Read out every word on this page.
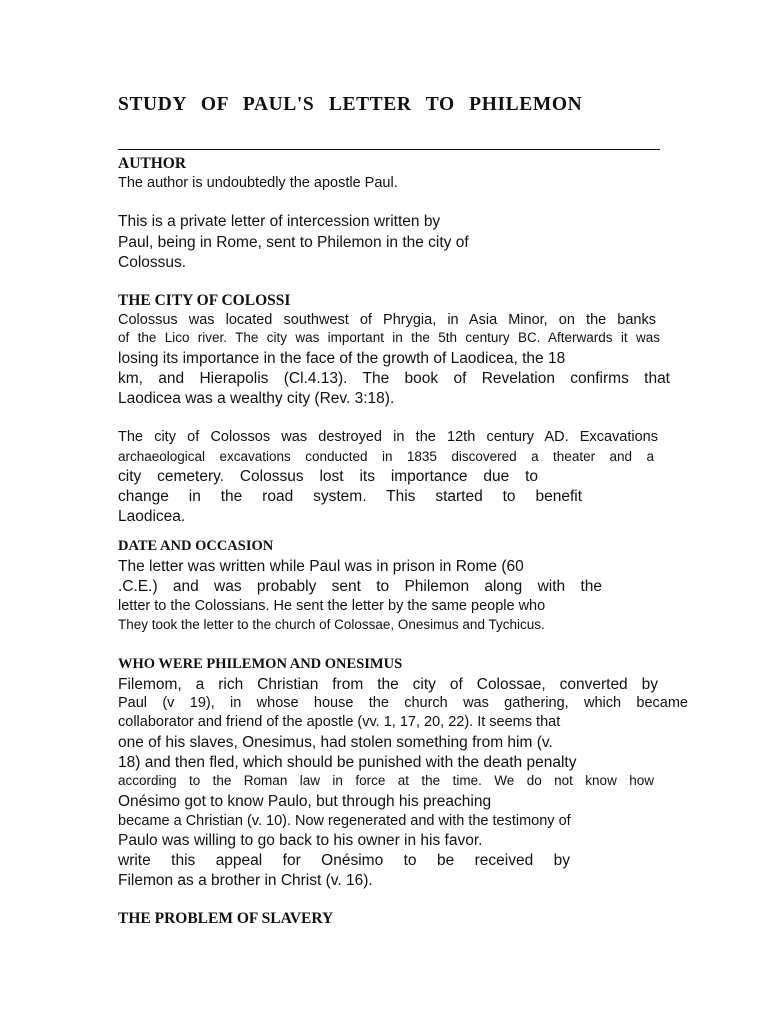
STUDY OF PAUL'S LETTER TO PHILEMON
AUTHOR
The author is undoubtedly the apostle Paul.
This is a private letter of intercession written by
Paul, being in Rome, sent to Philemon in the city of
Colossus.
THE CITY OF COLOSSI
Colossus was located southwest of Phrygia, in Asia Minor, on the banks
of the Lico river. The city was important in the 5th century BC. Afterwards it was
losing its importance in the face of the growth of Laodicea, the 18
km, and Hierapolis (Cl.4.13). The book of Revelation confirms that
Laodicea was a wealthy city (Rev. 3:18).
The city of Colossos was destroyed in the 12th century AD. Excavations
archaeological excavations conducted in 1835 discovered a theater and a
city cemetery. Colossus lost its importance due to
change in the road system. This started to benefit
Laodicea.
DATE AND OCCASION
The letter was written while Paul was in prison in Rome (60
.C.E.) and was probably sent to Philemon along with the
letter to the Colossians. He sent the letter by the same people who
They took the letter to the church of Colossae, Onesimus and Tychicus.
WHO WERE PHILEMON AND ONESIMUS
Filemom, a rich Christian from the city of Colossae, converted by
Paul (v 19), in whose house the church was gathering, which became
collaborator and friend of the apostle (vv. 1, 17, 20, 22). It seems that
one of his slaves, Onesimus, had stolen something from him (v.
18) and then fled, which should be punished with the death penalty
according to the Roman law in force at the time. We do not know how
Onésimo got to know Paulo, but through his preaching
became a Christian (v. 10). Now regenerated and with the testimony of
Paulo was willing to go back to his owner in his favor.
write this appeal for Onésimo to be received by
Filemon as a brother in Christ (v. 16).
THE PROBLEM OF SLAVERY
